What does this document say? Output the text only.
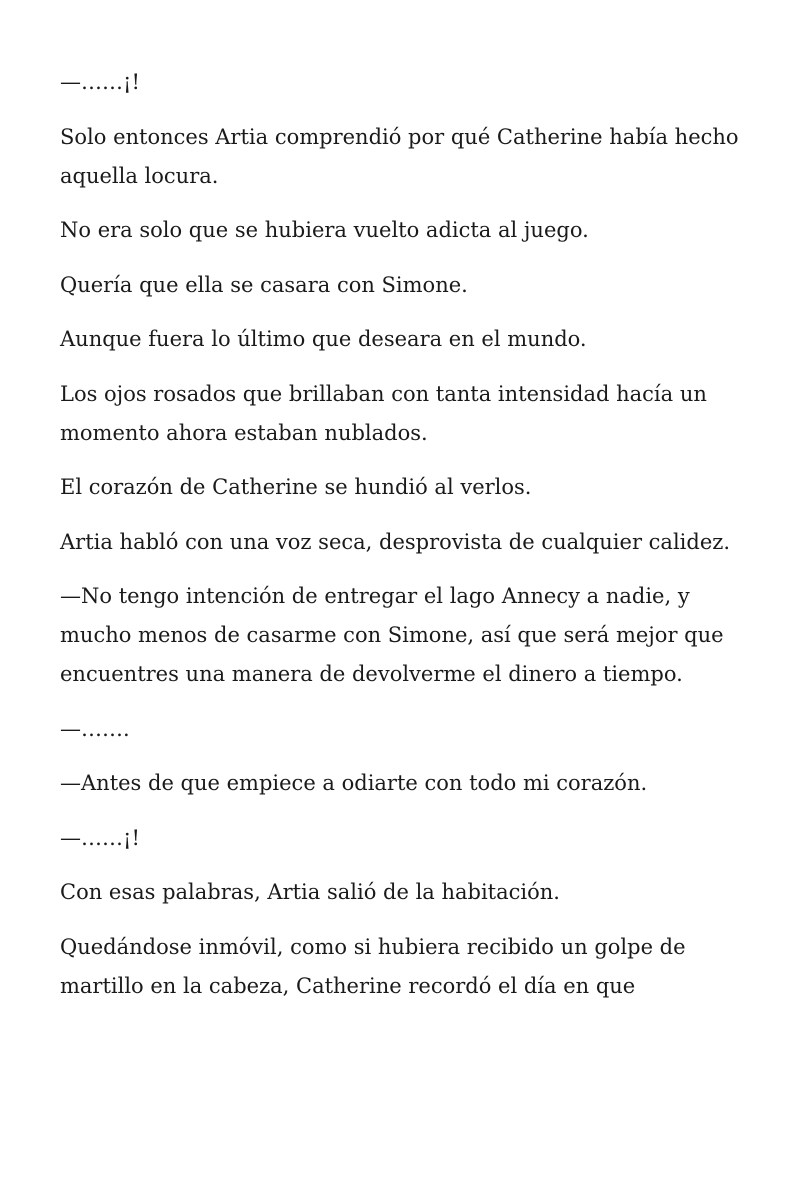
—……¡!

Solo entonces Artia comprendió por qué Catherine había hecho aquella locura.

No era solo que se hubiera vuelto adicta al juego.

Quería que ella se casara con Simone.

Aunque fuera lo último que deseara en el mundo.

Los ojos rosados que brillaban con tanta intensidad hacía un momento ahora estaban nublados.

El corazón de Catherine se hundió al verlos.

Artia habló con una voz seca, desprovista de cualquier calidez.

—No tengo intención de entregar el lago Annecy a nadie, y mucho menos de casarme con Simone, así que será mejor que encuentres una manera de devolverme el dinero a tiempo.

—…….

—Antes de que empiece a odiarte con todo mi corazón.

—……¡!

Con esas palabras, Artia salió de la habitación.

Quedándose inmóvil, como si hubiera recibido un golpe de martillo en la cabeza, Catherine recordó el día en que
